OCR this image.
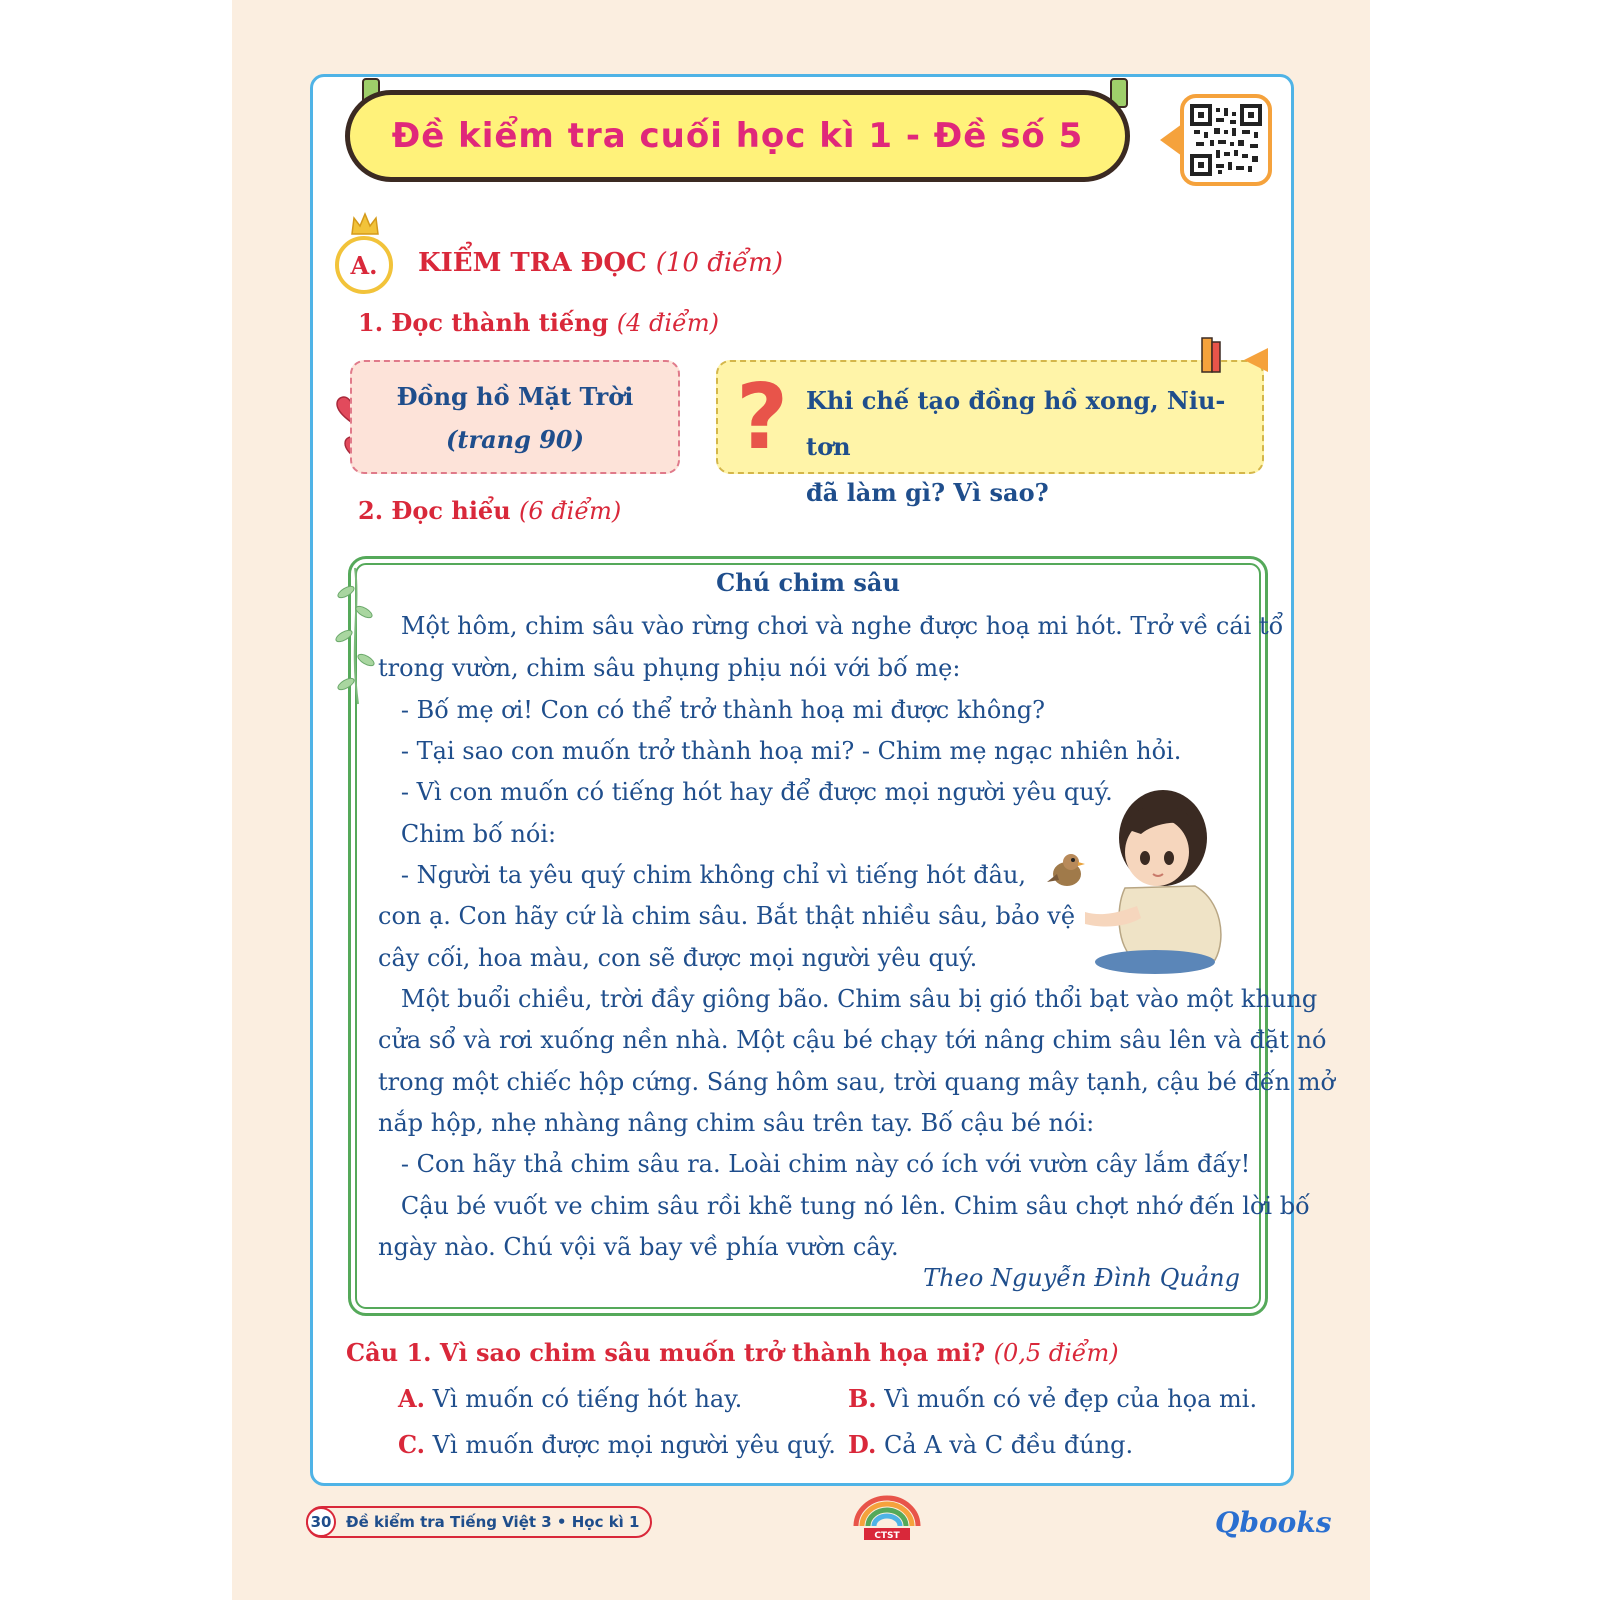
Đề kiểm tra cuối học kì 1 - Đề số 5
A.	KIỂM TRA ĐỌC (10 điểm)
1. Đọc thành tiếng (4 điểm)
Đồng hồ Mặt Trời
(trang 90)	? Khi chế tạo đồng hồ xong, Niu-tơn
đã làm gì? Vì sao?
2. Đọc hiểu (6 điểm)
Chú chim sâu
Một hôm, chim sâu vào rừng chơi và nghe được hoạ mi hót. Trở về cái tổ
trong vườn, chim sâu phụng phịu nói với bố mẹ:
- Bố mẹ ơi! Con có thể trở thành hoạ mi được không?
- Tại sao con muốn trở thành hoạ mi? - Chim mẹ ngạc nhiên hỏi.
- Vì con muốn có tiếng hót hay để được mọi người yêu quý.
Chim bố nói:
- Người ta yêu quý chim không chỉ vì tiếng hót đâu,
con ạ. Con hãy cứ là chim sâu. Bắt thật nhiều sâu, bảo vệ
cây cối, hoa màu, con sẽ được mọi người yêu quý.
Một buổi chiều, trời đầy giông bão. Chim sâu bị gió thổi bạt vào một khung
cửa sổ và rơi xuống nền nhà. Một cậu bé chạy tới nâng chim sâu lên và đặt nó
trong một chiếc hộp cứng. Sáng hôm sau, trời quang mây tạnh, cậu bé đến mở
nắp hộp, nhẹ nhàng nâng chim sâu trên tay. Bố cậu bé nói:
- Con hãy thả chim sâu ra. Loài chim này có ích với vườn cây lắm đấy!
Cậu bé vuốt ve chim sâu rồi khẽ tung nó lên. Chim sâu chợt nhớ đến lời bố
ngày nào. Chú vội vã bay về phía vườn cây.
Theo Nguyễn Đình Quảng
Câu 1. Vì sao chim sâu muốn trở thành họa mi? (0,5 điểm)
A. Vì muốn có tiếng hót hay.	B. Vì muốn có vẻ đẹp của họa mi.
C. Vì muốn được mọi người yêu quý. D. Cả A và C đều đúng.
30 Đề kiểm tra Tiếng Việt 3 • Học kì 1
CTST	Qbooks
